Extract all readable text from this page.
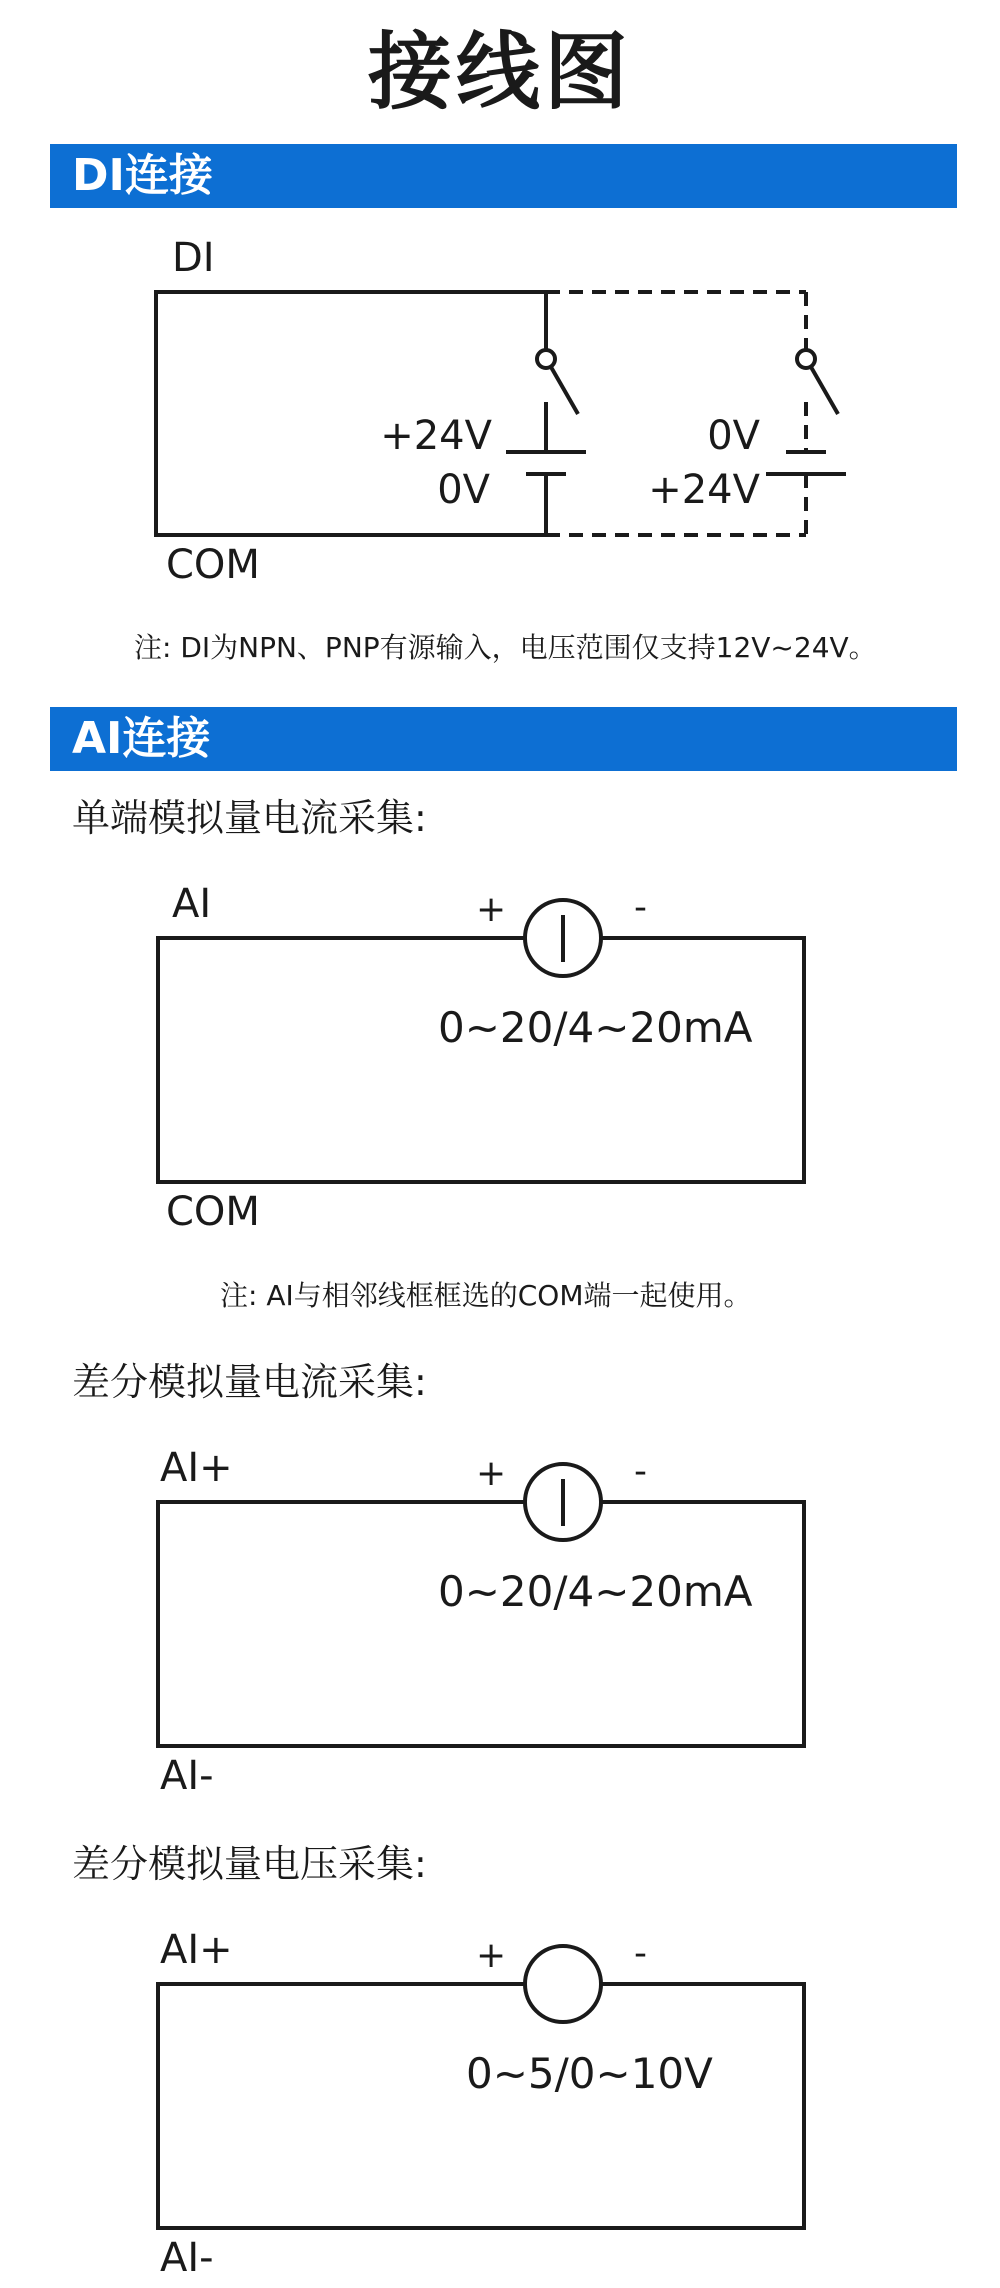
接线图
DI连接
DI
COM
+24V
0V
0V
+24V
注: DI为NPN、PNP有源输入，电压范围仅支持12V~24V。
AI连接
单端模拟量电流采集:
AI	+	-
0~20/4~20mA
COM
注: AI与相邻线框框选的COM端一起使用。
差分模拟量电流采集:
AI+	+	-
0~20/4~20mA
AI-
差分模拟量电压采集:
AI+	+	-
0~5/0~10V
AI-
